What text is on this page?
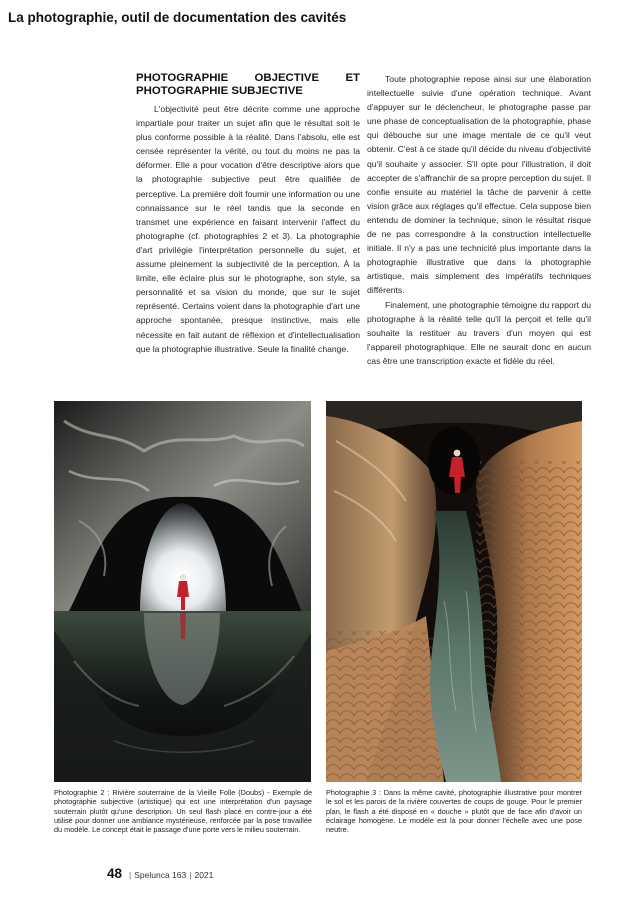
La photographie, outil de documentation des cavités
PHOTOGRAPHIE OBJECTIVE ET PHOTOGRAPHIE SUBJECTIVE

L'objectivité peut être décrite comme une approche impartiale pour traiter un sujet afin que le résultat soit le plus conforme possible à la réalité. Dans l'absolu, elle est censée représenter la vérité, ou tout du moins ne pas la déformer. Elle a pour vocation d'être descriptive alors que la photographie subjective peut être qualifiée de perceptive. La première doit fournir une information ou une connaissance sur le réel tandis que la seconde en transmet une expérience en faisant intervenir l'affect du photographe (cf. photographies 2 et 3). La photographie d'art privilégie l'interprétation personnelle du sujet, et assume pleinement la subjectivité de la perception. À la limite, elle éclaire plus sur le photographe, son style, sa personnalité et sa vision du monde, que sur le sujet représenté. Certains voient dans la photographie d'art une approche spontanée, presque instinctive, mais elle nécessite en fait autant de réflexion et d'intellectualisation que la photographie illustrative. Seule la finalité change.

Toute photographie repose ainsi sur une élaboration intellectuelle suivie d'une opération technique. Avant d'appuyer sur le déclencheur, le photographe passe par une phase de conceptualisation de la photographie, phase qui débouche sur une image mentale de ce qu'il veut obtenir. C'est à ce stade qu'il décide du niveau d'objectivité qu'il souhaite y associer. S'il opte pour l'illustration, il doit accepter de s'affranchir de sa propre perception du sujet. Il confie ensuite au matériel la tâche de parvenir à cette vision grâce aux réglages qu'il effectue. Cela suppose bien entendu de dominer la technique, sinon le résultat risque de ne pas correspondre à la construction intellectuelle initiale. Il n'y a pas une technicité plus importante dans la photographie illustrative que dans la photographie artistique, mais simplement des impératifs techniques différents.

Finalement, une photographie témoigne du rapport du photographe à la réalité telle qu'il la perçoit et telle qu'il souhaite la restituer au travers d'un moyen qui est l'appareil photographique. Elle ne saurait donc en aucun cas être une transcription exacte et fidèle du réel.

Photographie 2 : Rivière souterraine de la Vieille Folle (Doubs) - Exemple de photographie subjective (artistique) qui est une interprétation d'un paysage souterrain plutôt qu'une description. Un seul flash placé en contre-jour a été utilisé pour donner une ambiance mystérieuse, renforcée par la pose travaillée du modèle. Le concept était le passage d'une porte vers le milieu souterrain.
Photographie 3 : Dans la même cavité, photographie illustrative pour montrer le sol et les parois de la rivière couvertes de coups de gouge. Pour le premier plan, le flash a été disposé en « douche » plutôt que de face afin d'avoir un éclairage homogène. Le modèle est là pour donner l'échelle avec une pose neutre.
48 | Spelunca 163 | 2021
